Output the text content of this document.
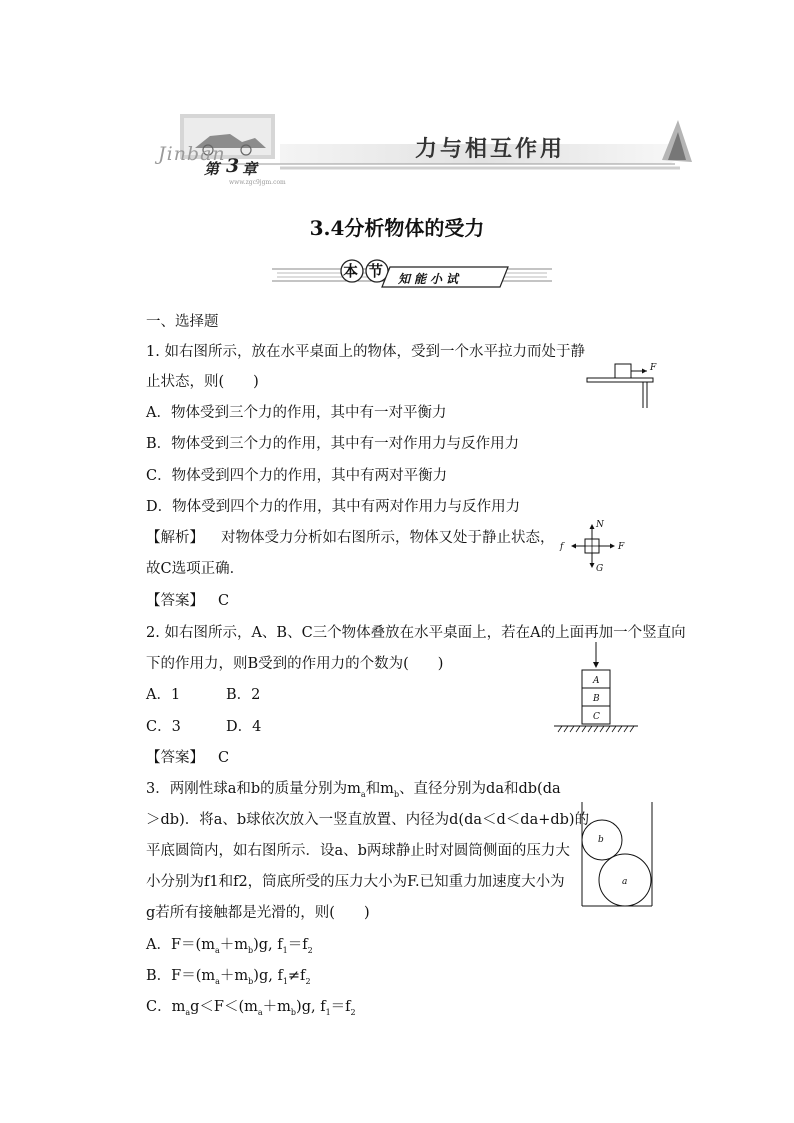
Jinban
第 3 章
www.zgc9jgm.com
力与相互作用
3.4分析物体的受力
本 节 知能小试
一、选择题
1. 如右图所示，放在水平桌面上的物体，受到一个水平拉力而处于静
止状态，则(　　)
A．物体受到三个力的作用，其中有一对平衡力
B．物体受到三个力的作用，其中有一对作用力与反作用力
C．物体受到四个力的作用，其中有两对平衡力
D．物体受到四个力的作用，其中有两对作用力与反作用力
F
【解析】 对物体受力分析如右图所示，物体又处于静止状态，
故C选项正确．
N
f	F
G
【答案】 C
2. 如右图所示，A、B、C三个物体叠放在水平桌面上，若在A的上面再加一个竖直向
下的作用力，则B受到的作用力的个数为(　　)
A．1	B．2
C．3	D．4
A
B
C
【答案】 C
3．两刚性球a和b的质量分别为$m_a$和$m_b$、直径分别为da和db(da
＞db)．将a、b球依次放入一竖直放置、内径为d(da＜d＜da+db)的
平底圆筒内，如右图所示．设a、b两球静止时对圆筒侧面的压力大
小分别为f1和f2，筒底所受的压力大小为F.已知重力加速度大小为
g若所有接触都是光滑的，则(　　)
b
a
A．$F=(m_a+m_b)g$, $f_1=f_2$
B．$F=(m_a+m_b)g$, $f_1\ne f_2$
C．$m_ag<F<(m_a+m_b)g$, $f_1=f_2$
